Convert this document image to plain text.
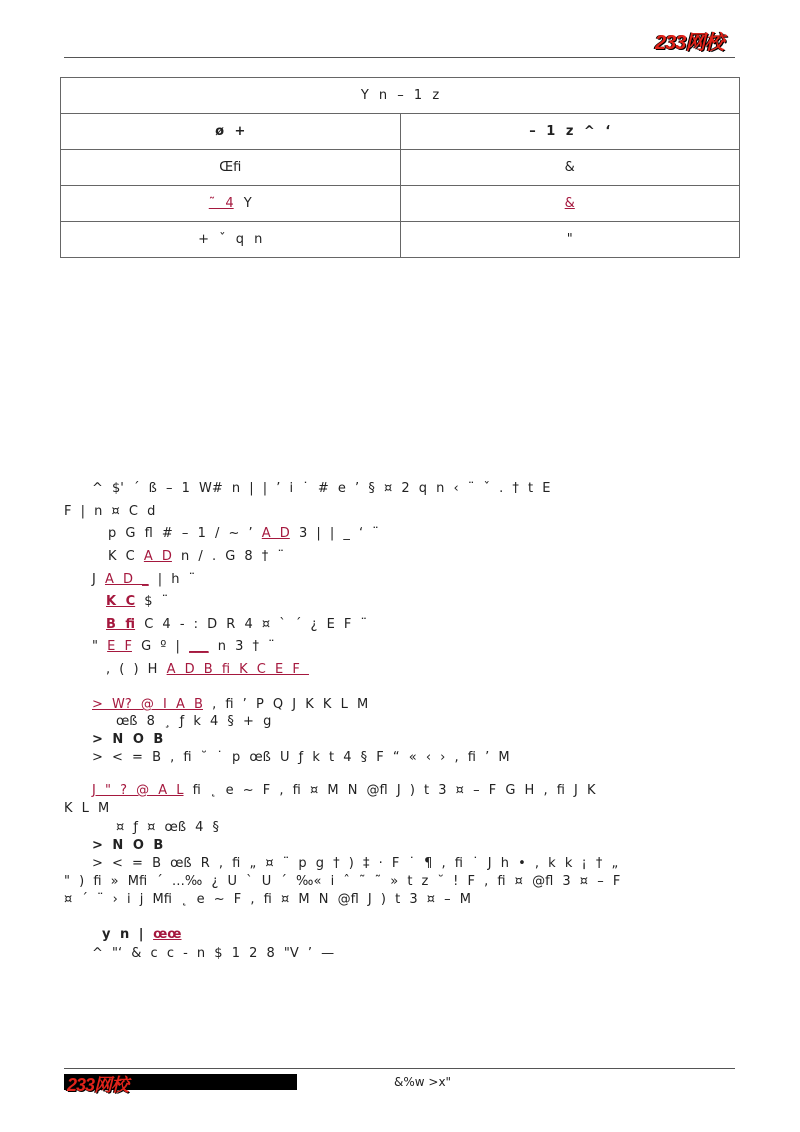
233网校
Y n – 1 z	
ø +	– 1 z ^ ‘
Œfi	&
˜ 4 Y	&
+ ˇ q n	"
^ $' ´ ß – 1 W# n | | ’ i ˙ # e ’ § ¤ 2 q n ‹ ¨ ˇ . † t E
F | n ¤ C d
p G fl # – 1 / ~ ’ A D 3 | | _ ‘ ¨
K C A D n / . G 8 † ¨
J A D _ | h ¨
K C $ ¨
B fi C 4 - : D R 4 ¤ ` ´ ¿ E F ¨
" E F G º | ___ n 3 † ¨
, ( ) H A D B fi K C E F
> W? @ I A B , fi ’ P Q J K K L M
œß 8 ¸ ƒ k 4 § + g
> N O B
> < = B , fi ˘ ˙ p œß U ƒ k t 4 § F “ « ‹ › , fi ’ M
J " ? @ A L fi ˛ e ~ F , fi ¤ M N @fl J ) t 3 ¤ – F G H , fi J K
K L M
¤ ƒ ¤ œß 4 §
> N O B
> < = B œß R , fi „ ¤ ¨ p g † ) ‡ · F ˙ ¶ , fi ˙ J h • , k k ¡ † „
" ) fi » Mfi ´ …‰ ¿ U ` U ´ ‰« i ˆ ˜ ˜ » t z ˘ ! F , fi ¤ @fl 3 ¤ – F
¤ ´ ¨ › i j Mfi ˛ e ~ F , fi ¤ M N @fl J ) t 3 ¤ – M
y n | œœ
^ "‘ & c c - n $ 1 2 8 "V ’ —
233网校	&%w >x"
